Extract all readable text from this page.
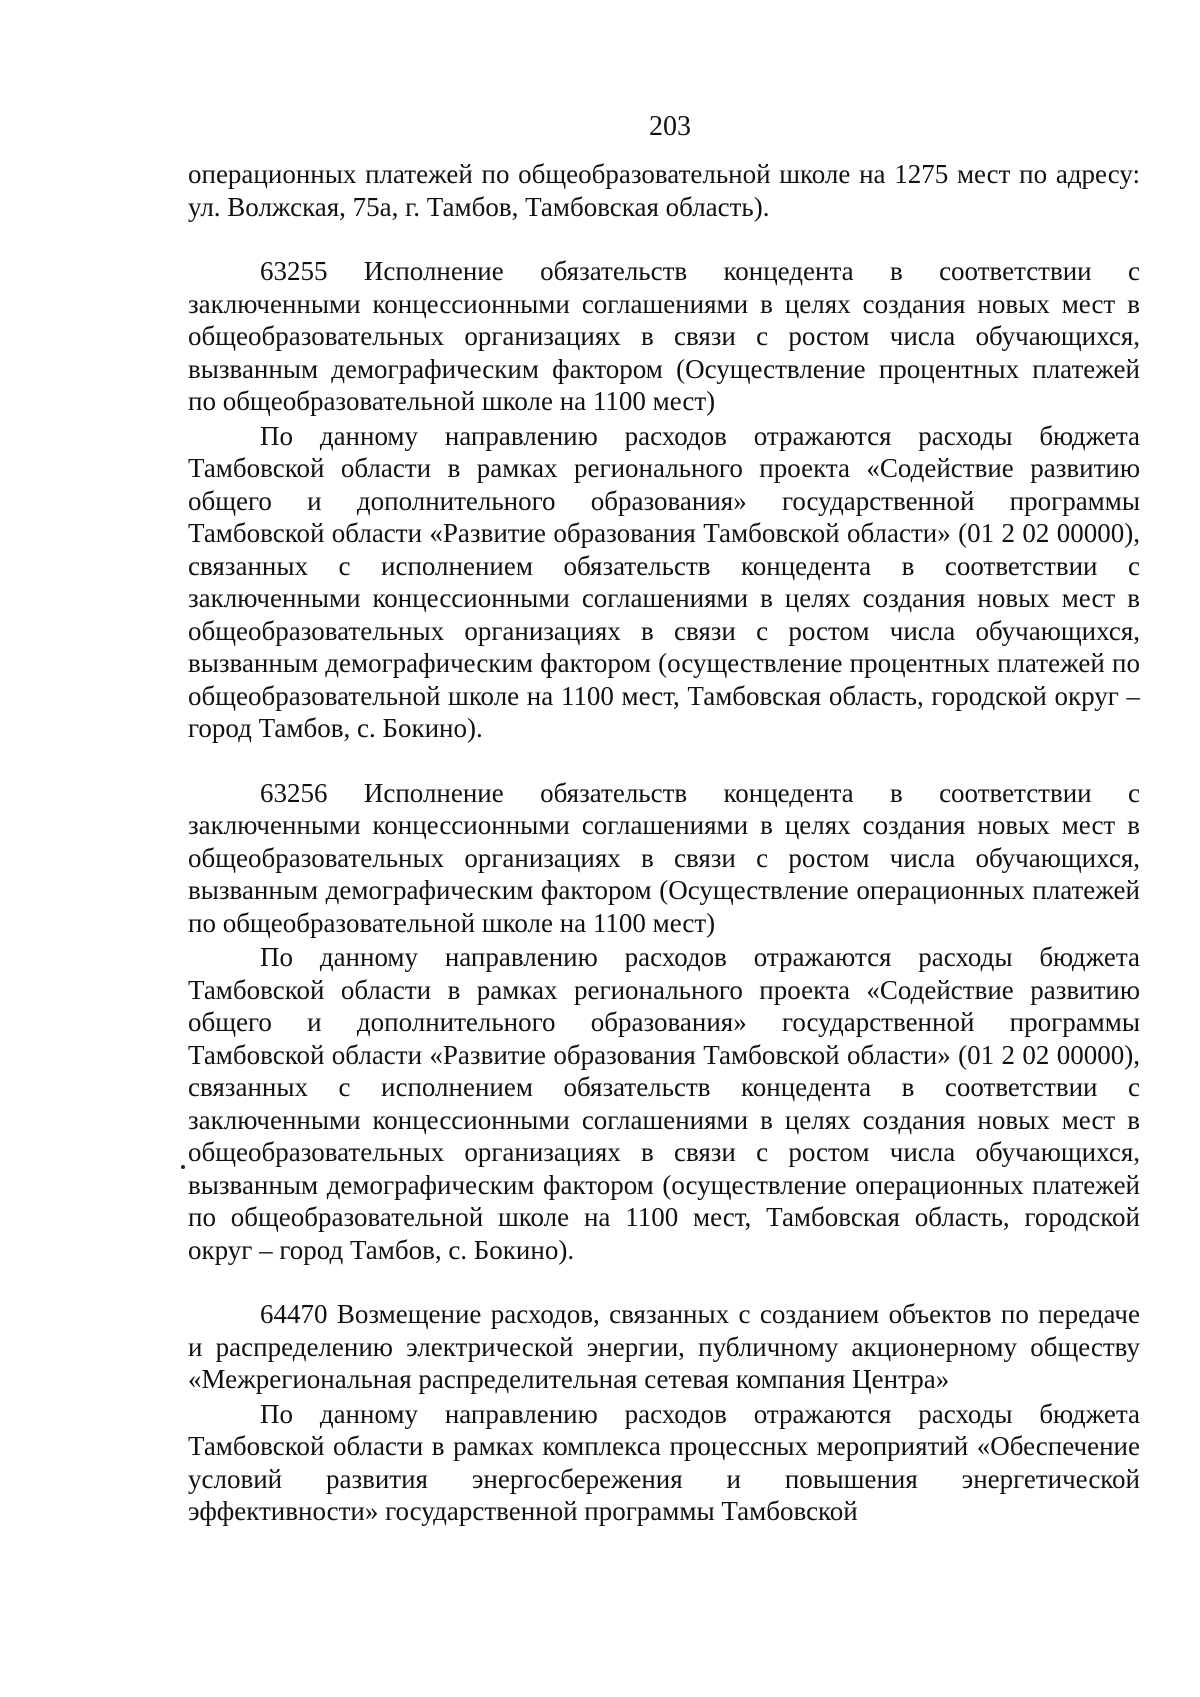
203

операционных платежей по общеобразовательной школе на 1275 мест по адресу: ул. Волжская, 75а, г. Тамбов, Тамбовская область).

63255 Исполнение обязательств концедента в соответствии с заключенными концессионными соглашениями в целях создания новых мест в общеобразовательных организациях в связи с ростом числа обучающихся, вызванным демографическим фактором (Осуществление процентных платежей по общеобразовательной школе на 1100 мест)

По данному направлению расходов отражаются расходы бюджета Тамбовской области в рамках регионального проекта «Содействие развитию общего и дополнительного образования» государственной программы Тамбовской области «Развитие образования Тамбовской области» (01 2 02 00000), связанных с исполнением обязательств концедента в соответствии с заключенными концессионными соглашениями в целях создания новых мест в общеобразовательных организациях в связи с ростом числа обучающихся, вызванным демографическим фактором (осуществление процентных платежей по общеобразовательной школе на 1100 мест, Тамбовская область, городской округ – город Тамбов, с. Бокино).

63256 Исполнение обязательств концедента в соответствии с заключенными концессионными соглашениями в целях создания новых мест в общеобразовательных организациях в связи с ростом числа обучающихся, вызванным демографическим фактором (Осуществление операционных платежей по общеобразовательной школе на 1100 мест)

По данному направлению расходов отражаются расходы бюджета Тамбовской области в рамках регионального проекта «Содействие развитию общего и дополнительного образования» государственной программы Тамбовской области «Развитие образования Тамбовской области» (01 2 02 00000), связанных с исполнением обязательств концедента в соответствии с заключенными концессионными соглашениями в целях создания новых мест в общеобразовательных организациях в связи с ростом числа обучающихся, вызванным демографическим фактором (осуществление операционных платежей по общеобразовательной школе на 1100 мест, Тамбовская область, городской округ – город Тамбов, с. Бокино).

64470 Возмещение расходов, связанных с созданием объектов по передаче и распределению электрической энергии, публичному акционерному обществу «Межрегиональная распределительная сетевая компания Центра»

По данному направлению расходов отражаются расходы бюджета Тамбовской области в рамках комплекса процессных мероприятий «Обеспечение условий развития энергосбережения и повышения энергетической эффективности» государственной программы Тамбовской
